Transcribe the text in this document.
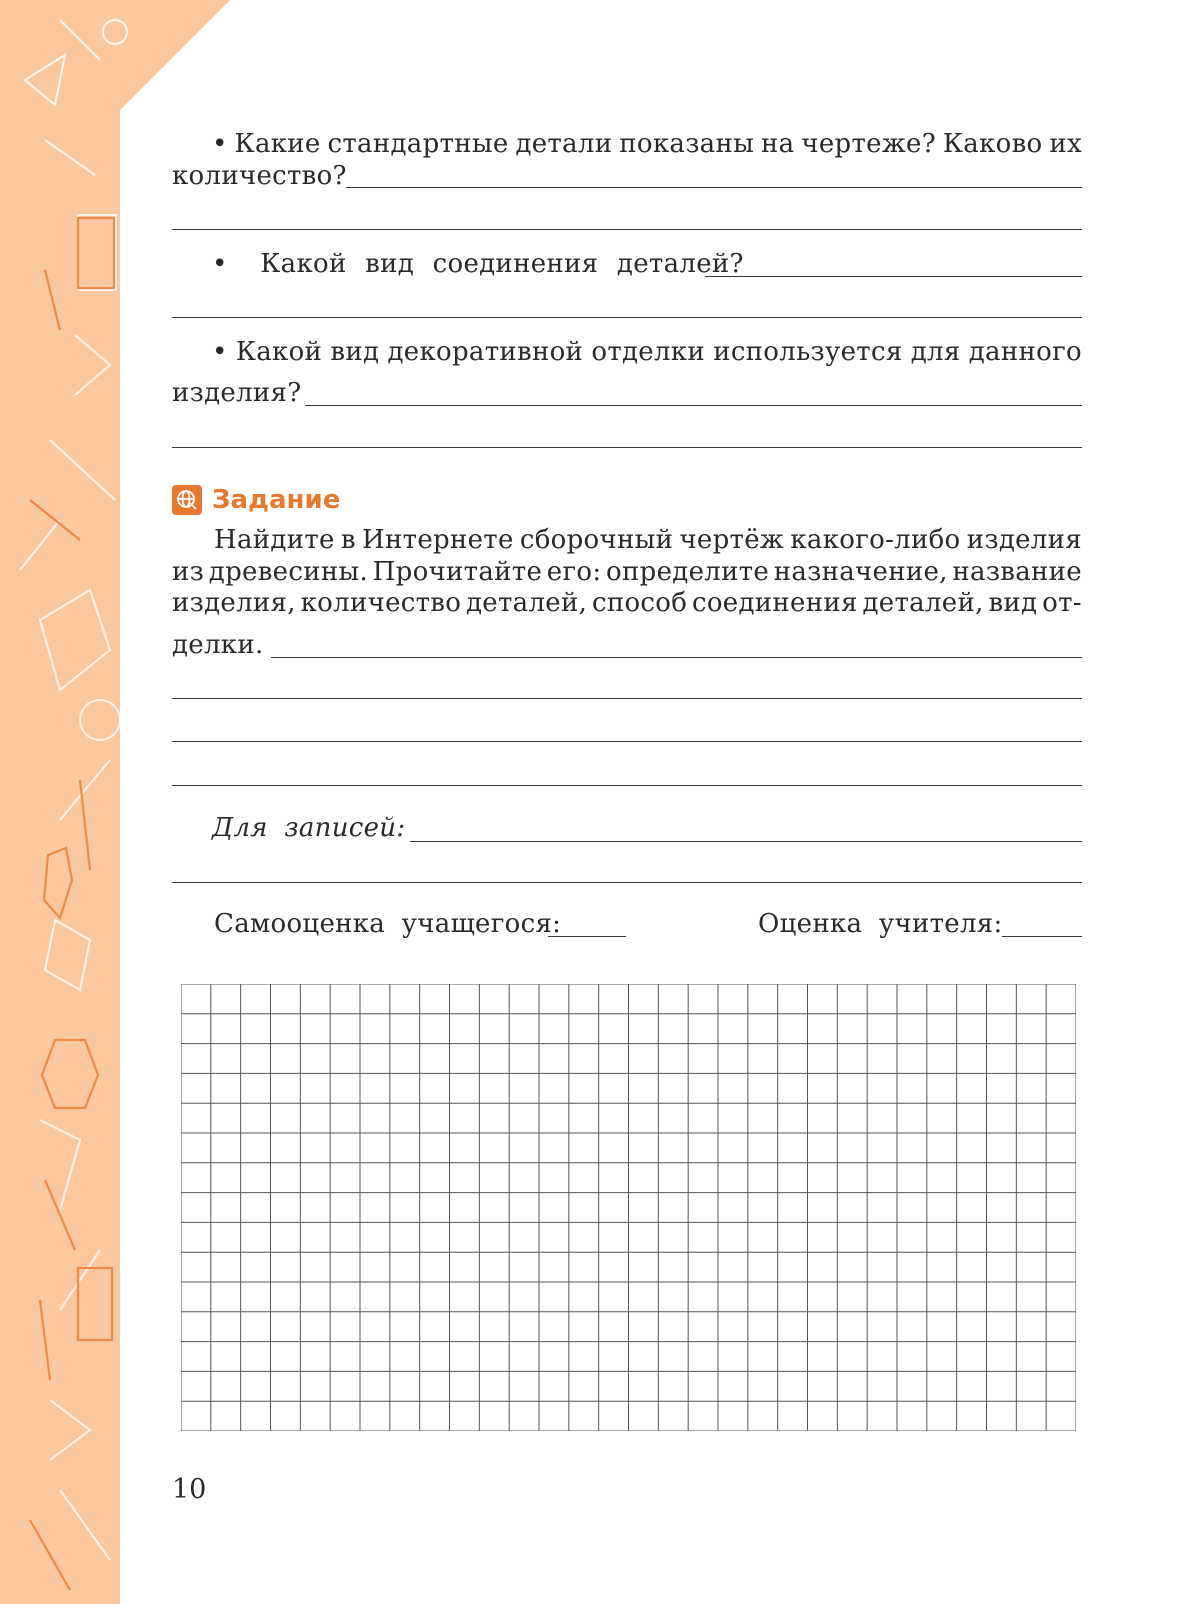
• Какие стандартные детали показаны на чертеже? Каково их
количество?
• Какой вид соединения деталей?
• Какой вид декоративной отделки используется для данного
изделия?
Задание
Найдите в Интернете сборочный чертёж какого-либо изделия
из древесины. Прочитайте его: определите назначение, название
изделия, количество деталей, способ соединения деталей, вид от-
делки.
Для записей:
Самооценка учащегося:	Оценка учителя:
10
